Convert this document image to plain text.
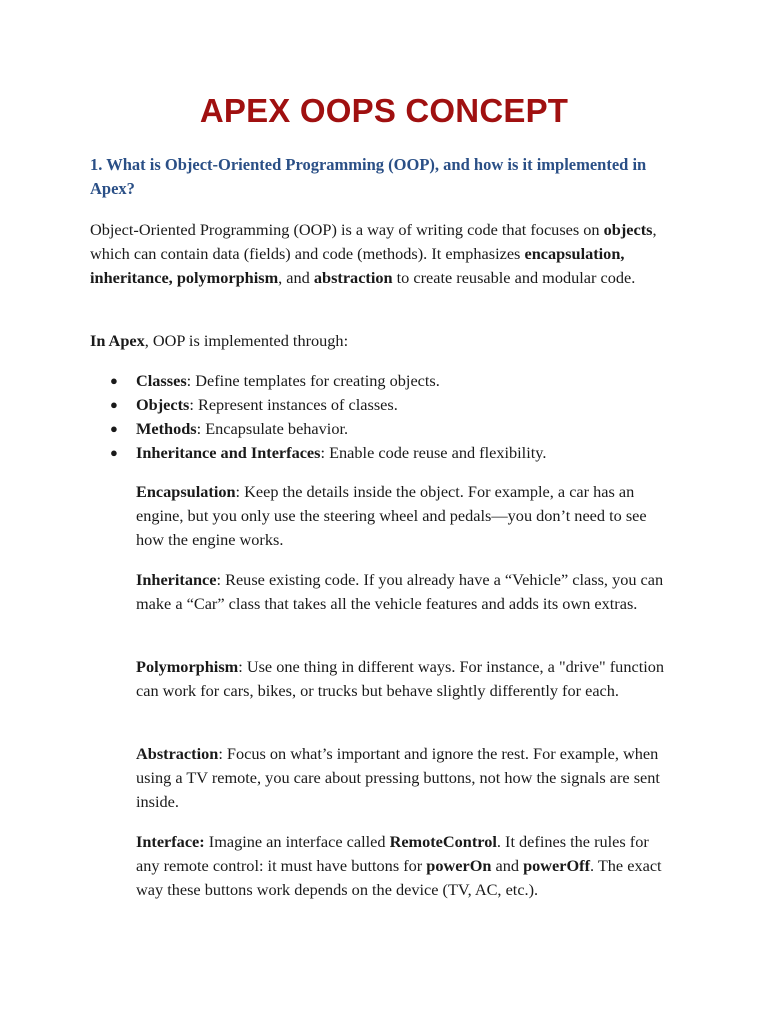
APEX OOPS CONCEPT

1. What is Object-Oriented Programming (OOP), and how is it implemented in Apex?

Object-Oriented Programming (OOP) is a way of writing code that focuses on objects, which can contain data (fields) and code (methods). It emphasizes encapsulation, inheritance, polymorphism, and abstraction to create reusable and modular code.

In Apex, OOP is implemented through:

● Classes: Define templates for creating objects.
● Objects: Represent instances of classes.
● Methods: Encapsulate behavior.
● Inheritance and Interfaces: Enable code reuse and flexibility.

Encapsulation: Keep the details inside the object. For example, a car has an engine, but you only use the steering wheel and pedals—you don’t need to see how the engine works.

Inheritance: Reuse existing code. If you already have a “Vehicle” class, you can make a “Car” class that takes all the vehicle features and adds its own extras.

Polymorphism: Use one thing in different ways. For instance, a "drive" function can work for cars, bikes, or trucks but behave slightly differently for each.

Abstraction: Focus on what’s important and ignore the rest. For example, when using a TV remote, you care about pressing buttons, not how the signals are sent inside.

Interface: Imagine an interface called RemoteControl. It defines the rules for any remote control: it must have buttons for powerOn and powerOff. The exact way these buttons work depends on the device (TV, AC, etc.).
